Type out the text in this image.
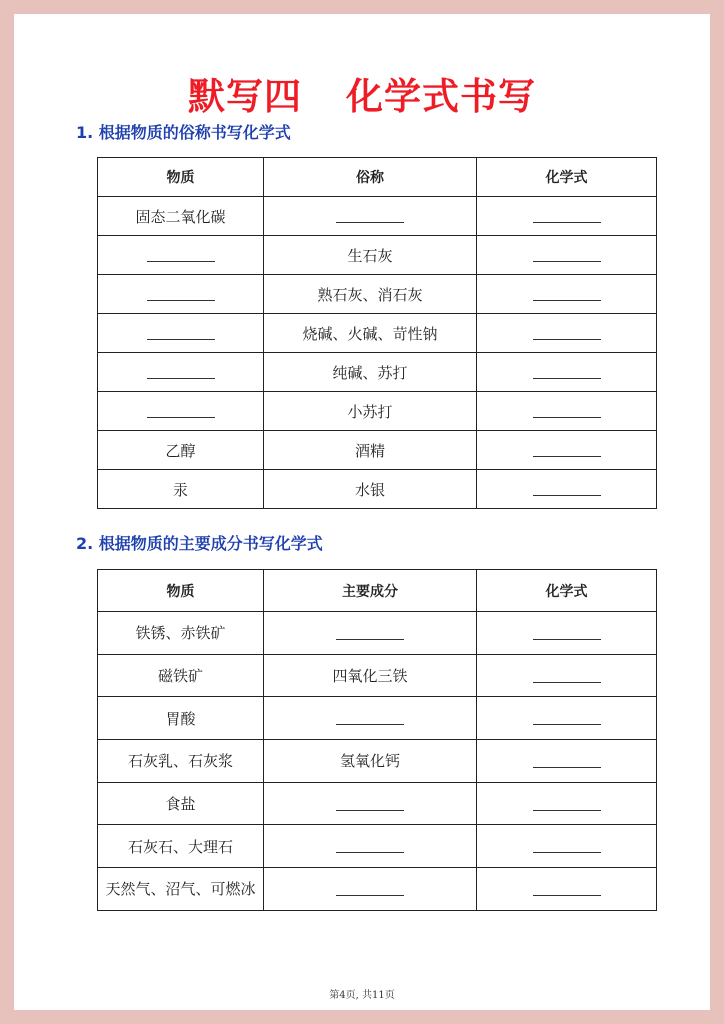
默写四 化学式书写
1. 根据物质的俗称书写化学式
物质	俗称	化学式
固态二氧化碳		
	生石灰	
	熟石灰、消石灰	
	烧碱、火碱、苛性钠	
	纯碱、苏打	
	小苏打	
乙醇	酒精	
汞	水银	
2. 根据物质的主要成分书写化学式
物质	主要成分	化学式
铁锈、赤铁矿		
磁铁矿	四氧化三铁	
胃酸		
石灰乳、石灰浆	氢氧化钙	
食盐		
石灰石、大理石		
天然气、沼气、可燃冰		
第4页, 共11页
